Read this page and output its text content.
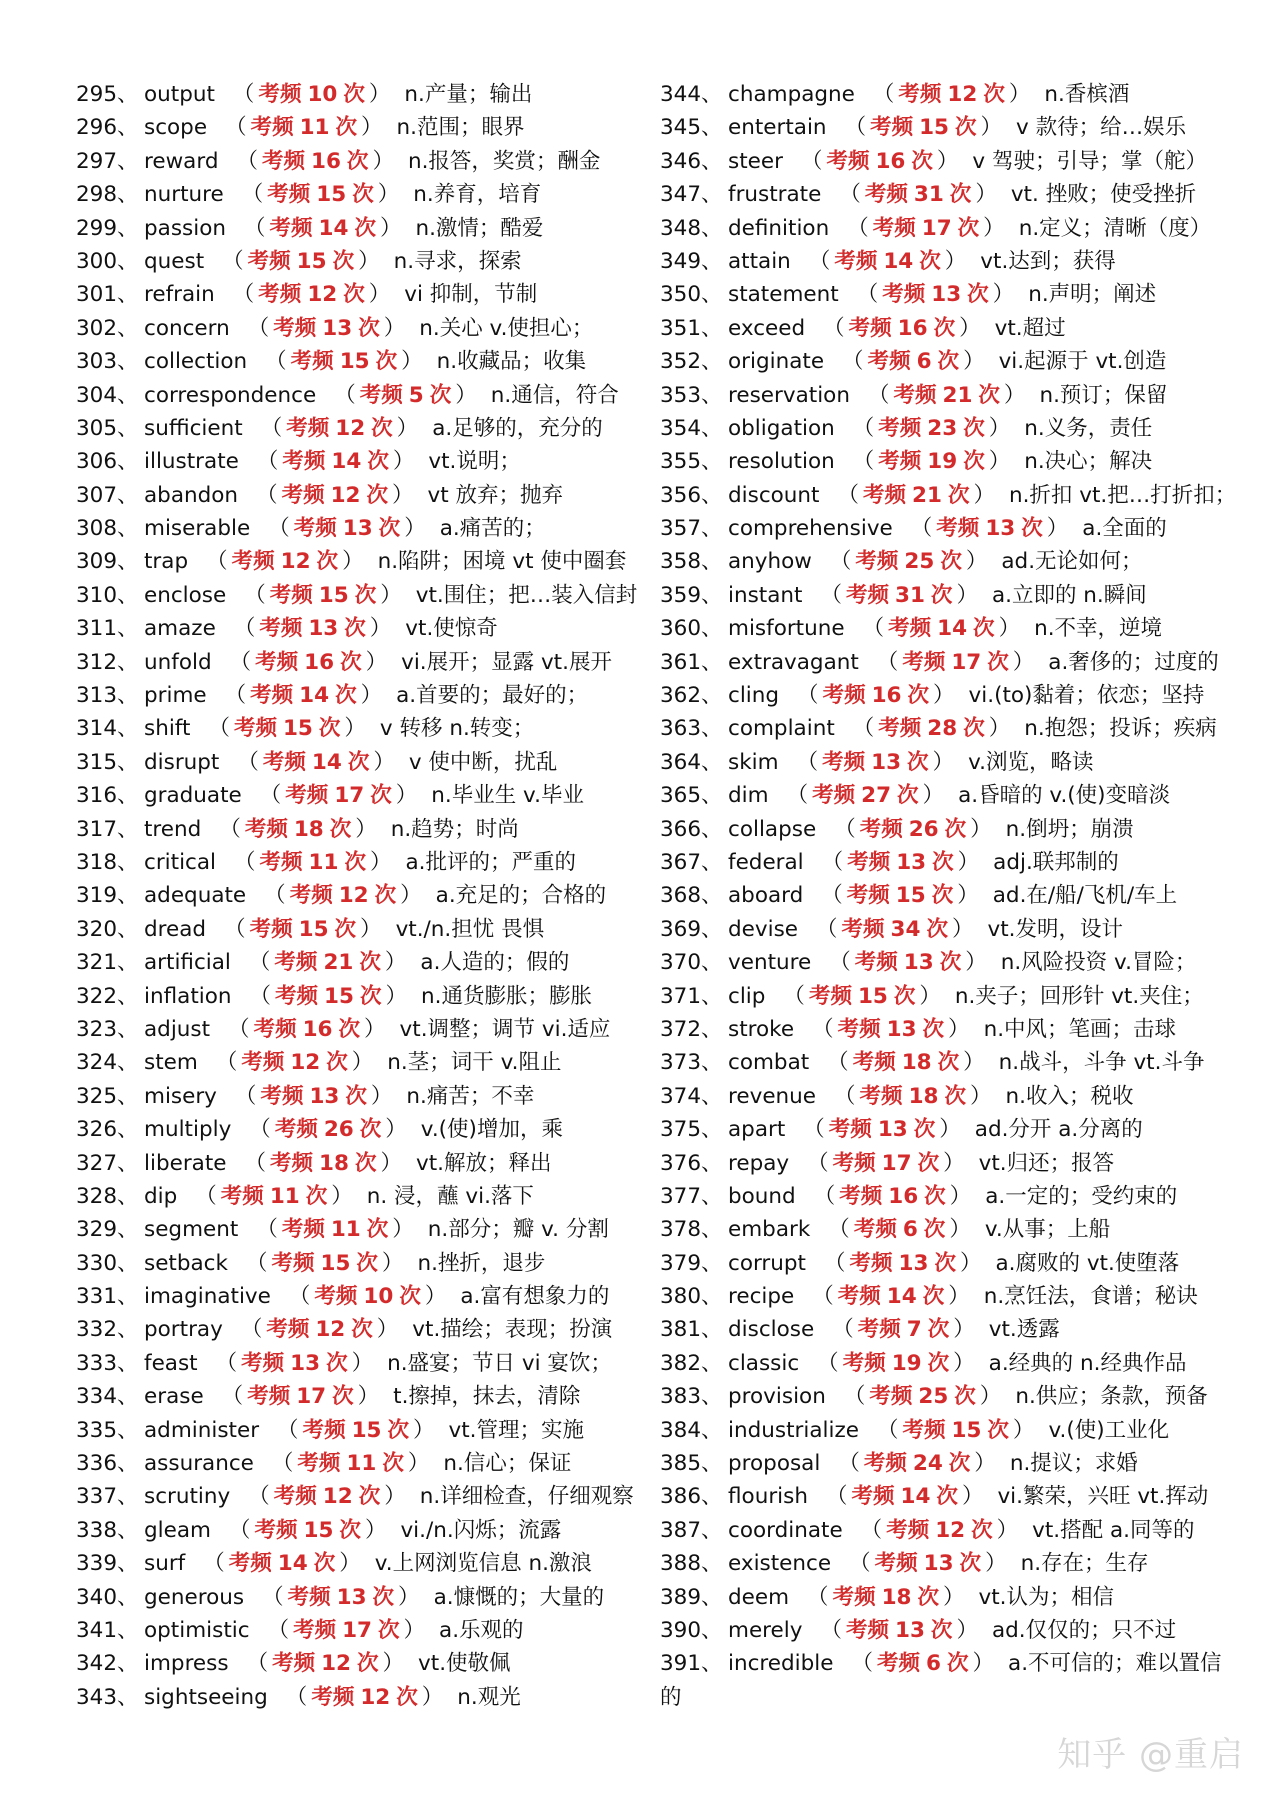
295、 output （ 考频 10 次 ） n.产量；输出
296、 scope （ 考频 11 次 ） n.范围；眼界
297、 reward （ 考频 16 次 ） n.报答，奖赏；酬金
298、 nurture （ 考频 15 次 ） n.养育，培育
299、 passion （ 考频 14 次 ） n.激情；酷爱
300、 quest （ 考频 15 次 ） n.寻求，探索
301、 refrain （ 考频 12 次 ） vi 抑制，节制
302、 concern （ 考频 13 次 ） n.关心 v.使担心；
303、 collection （ 考频 15 次 ） n.收藏品；收集
304、 correspondence （ 考频 5 次 ） n.通信，符合
305、 sufficient （ 考频 12 次 ） a.足够的，充分的
306、 illustrate （ 考频 14 次 ） vt.说明；
307、 abandon （ 考频 12 次 ） vt 放弃；抛弃
308、 miserable （ 考频 13 次 ） a.痛苦的；
309、 trap （ 考频 12 次 ） n.陷阱；困境 vt 使中圈套
310、 enclose （ 考频 15 次 ） vt.围住；把…装入信封
311、 amaze （ 考频 13 次 ） vt.使惊奇
312、 unfold （ 考频 16 次 ） vi.展开；显露 vt.展开
313、 prime （ 考频 14 次 ） a.首要的；最好的；
314、 shift （ 考频 15 次 ） v 转移 n.转变；
315、 disrupt （ 考频 14 次 ） v 使中断，扰乱
316、 graduate （ 考频 17 次 ） n.毕业生 v.毕业
317、 trend （ 考频 18 次 ） n.趋势；时尚
318、 critical （ 考频 11 次 ） a.批评的；严重的
319、 adequate （ 考频 12 次 ） a.充足的；合格的
320、 dread （ 考频 15 次 ） vt./n.担忧 畏惧
321、 artificial （ 考频 21 次 ） a.人造的；假的
322、 inflation （ 考频 15 次 ） n.通货膨胀；膨胀
323、 adjust （ 考频 16 次 ） vt.调整；调节 vi.适应
324、 stem （ 考频 12 次 ） n.茎；词干 v.阻止
325、 misery （ 考频 13 次 ） n.痛苦；不幸
326、 multiply （ 考频 26 次 ） v.(使)增加，乘
327、 liberate （ 考频 18 次 ） vt.解放；释出
328、 dip （ 考频 11 次 ） n. 浸，蘸 vi.落下
329、 segment （ 考频 11 次 ） n.部分；瓣 v. 分割
330、 setback （ 考频 15 次 ） n.挫折，退步
331、 imaginative （ 考频 10 次 ） a.富有想象力的
332、 portray （ 考频 12 次 ） vt.描绘；表现；扮演
333、 feast （ 考频 13 次 ） n.盛宴；节日 vi 宴饮；
334、 erase （ 考频 17 次 ） t.擦掉，抹去，清除
335、 administer （ 考频 15 次 ） vt.管理；实施
336、 assurance （ 考频 11 次 ） n.信心；保证
337、 scrutiny （ 考频 12 次 ） n.详细检查，仔细观察
338、 gleam （ 考频 15 次 ） vi./n.闪烁；流露
339、 surf （ 考频 14 次 ） v.上网浏览信息 n.激浪
340、 generous （ 考频 13 次 ） a.慷慨的；大量的
341、 optimistic （ 考频 17 次 ） a.乐观的
342、 impress （ 考频 12 次 ） vt.使敬佩
343、 sightseeing （ 考频 12 次 ） n.观光
344、 champagne （ 考频 12 次 ） n.香槟酒
345、 entertain （ 考频 15 次 ） v 款待；给…娱乐
346、 steer （ 考频 16 次 ） v 驾驶；引导；掌（舵）
347、 frustrate （ 考频 31 次 ） vt. 挫败；使受挫折
348、 definition （ 考频 17 次 ） n.定义；清晰（度）
349、 attain （ 考频 14 次 ） vt.达到；获得
350、 statement （ 考频 13 次 ） n.声明；阐述
351、 exceed （ 考频 16 次 ） vt.超过
352、 originate （ 考频 6 次 ） vi.起源于 vt.创造
353、 reservation （ 考频 21 次 ） n.预订；保留
354、 obligation （ 考频 23 次 ） n.义务，责任
355、 resolution （ 考频 19 次 ） n.决心；解决
356、 discount （ 考频 21 次 ） n.折扣 vt.把…打折扣；
357、 comprehensive （ 考频 13 次 ） a.全面的
358、 anyhow （ 考频 25 次 ） ad.无论如何；
359、 instant （ 考频 31 次 ） a.立即的 n.瞬间
360、 misfortune （ 考频 14 次 ） n.不幸，逆境
361、 extravagant （ 考频 17 次 ） a.奢侈的；过度的
362、 cling （ 考频 16 次 ） vi.(to)黏着；依恋；坚持
363、 complaint （ 考频 28 次 ） n.抱怨；投诉；疾病
364、 skim （ 考频 13 次 ） v.浏览，略读
365、 dim （ 考频 27 次 ） a.昏暗的 v.(使)变暗淡
366、 collapse （ 考频 26 次 ） n.倒坍；崩溃
367、 federal （ 考频 13 次 ） adj.联邦制的
368、 aboard （ 考频 15 次 ） ad.在/船/飞机/车上
369、 devise （ 考频 34 次 ） vt.发明，设计
370、 venture （ 考频 13 次 ） n.风险投资 v.冒险；
371、 clip （ 考频 15 次 ） n.夹子；回形针 vt.夹住；
372、 stroke （ 考频 13 次 ） n.中风；笔画；击球
373、 combat （ 考频 18 次 ） n.战斗，斗争 vt.斗争
374、 revenue （ 考频 18 次 ） n.收入；税收
375、 apart （ 考频 13 次 ） ad.分开 a.分离的
376、 repay （ 考频 17 次 ） vt.归还；报答
377、 bound （ 考频 16 次 ） a.一定的；受约束的
378、 embark （ 考频 6 次 ） v.从事；上船
379、 corrupt （ 考频 13 次 ） a.腐败的 vt.使堕落
380、 recipe （ 考频 14 次 ） n.烹饪法，食谱；秘诀
381、 disclose （ 考频 7 次 ） vt.透露
382、 classic （ 考频 19 次 ） a.经典的 n.经典作品
383、 provision （ 考频 25 次 ） n.供应；条款，预备
384、 industrialize （ 考频 15 次 ） v.(使)工业化
385、 proposal （ 考频 24 次 ） n.提议；求婚
386、 flourish （ 考频 14 次 ） vi.繁荣，兴旺 vt.挥动
387、 coordinate （ 考频 12 次 ） vt.搭配 a.同等的
388、 existence （ 考频 13 次 ） n.存在；生存
389、 deem （ 考频 18 次 ） vt.认为；相信
390、 merely （ 考频 13 次 ） ad.仅仅的；只不过
391、 incredible （ 考频 6 次 ） a.不可信的；难以置信
的
知乎 @重启
